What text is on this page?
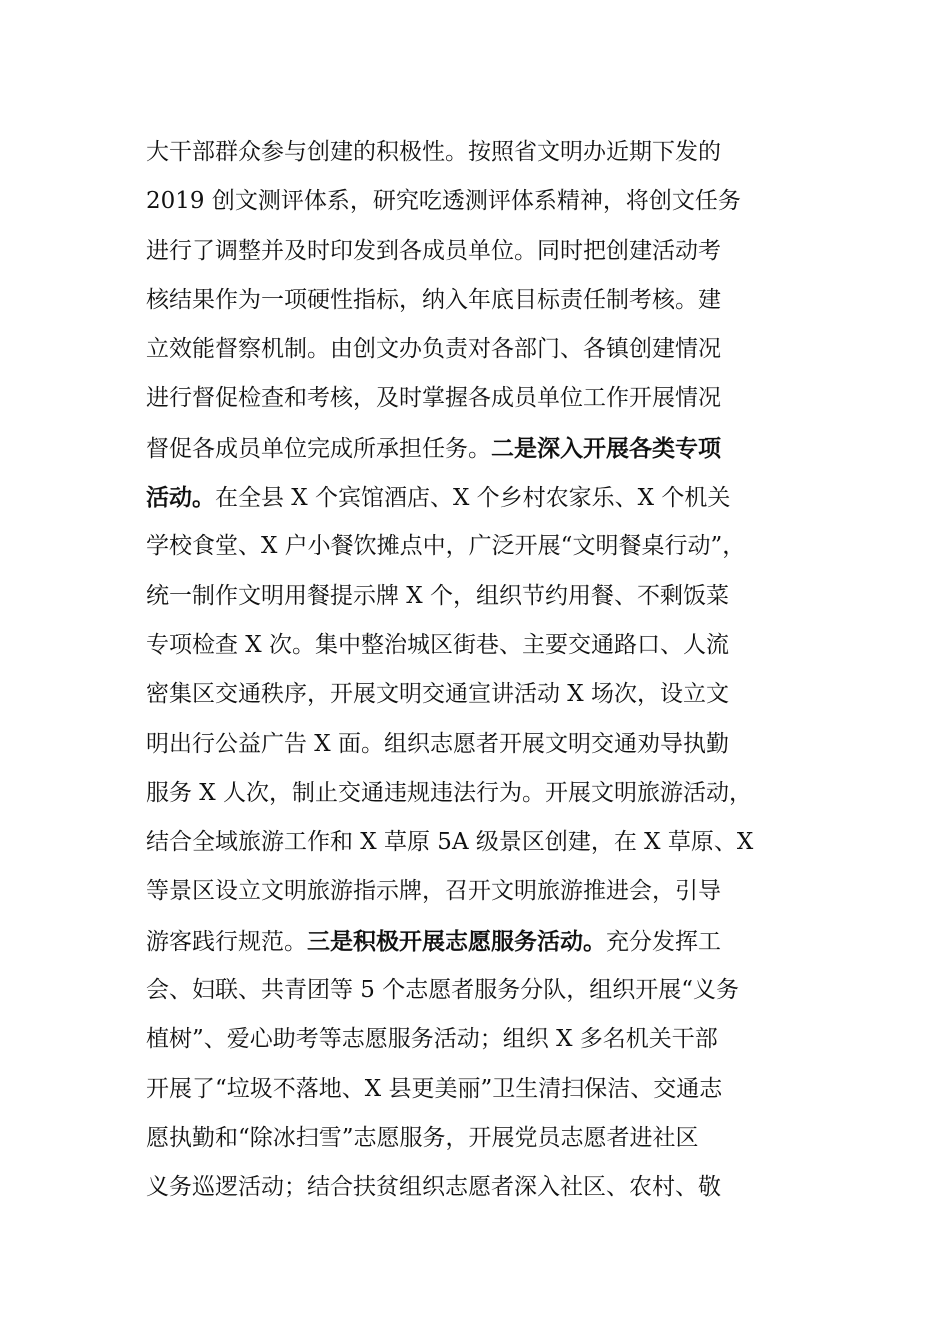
大干部群众参与创建的积极性。按照省文明办近期下发的
2019 创文测评体系，研究吃透测评体系精神，将创文任务
进行了调整并及时印发到各成员单位。同时把创建活动考
核结果作为一项硬性指标，纳入年底目标责任制考核。建
立效能督察机制。由创文办负责对各部门、各镇创建情况
进行督促检查和考核，及时掌握各成员单位工作开展情况
督促各成员单位完成所承担任务。二是深入开展各类专项
活动。在全县 X 个宾馆酒店、X 个乡村农家乐、X 个机关
学校食堂、X 户小餐饮摊点中，广泛开展“文明餐桌行动”，
统一制作文明用餐提示牌 X 个，组织节约用餐、不剩饭菜
专项检查 X 次。集中整治城区街巷、主要交通路口、人流
密集区交通秩序，开展文明交通宣讲活动 X 场次，设立文
明出行公益广告 X 面。组织志愿者开展文明交通劝导执勤
服务 X 人次，制止交通违规违法行为。开展文明旅游活动，
结合全域旅游工作和 X 草原 5A 级景区创建，在 X 草原、X
等景区设立文明旅游指示牌，召开文明旅游推进会，引导
游客践行规范。三是积极开展志愿服务活动。充分发挥工
会、妇联、共青团等 5 个志愿者服务分队，组织开展“义务
植树”、爱心助考等志愿服务活动；组织 X 多名机关干部
开展了“垃圾不落地、X 县更美丽”卫生清扫保洁、交通志
愿执勤和“除冰扫雪”志愿服务，开展党员志愿者进社区
义务巡逻活动；结合扶贫组织志愿者深入社区、农村、敬
